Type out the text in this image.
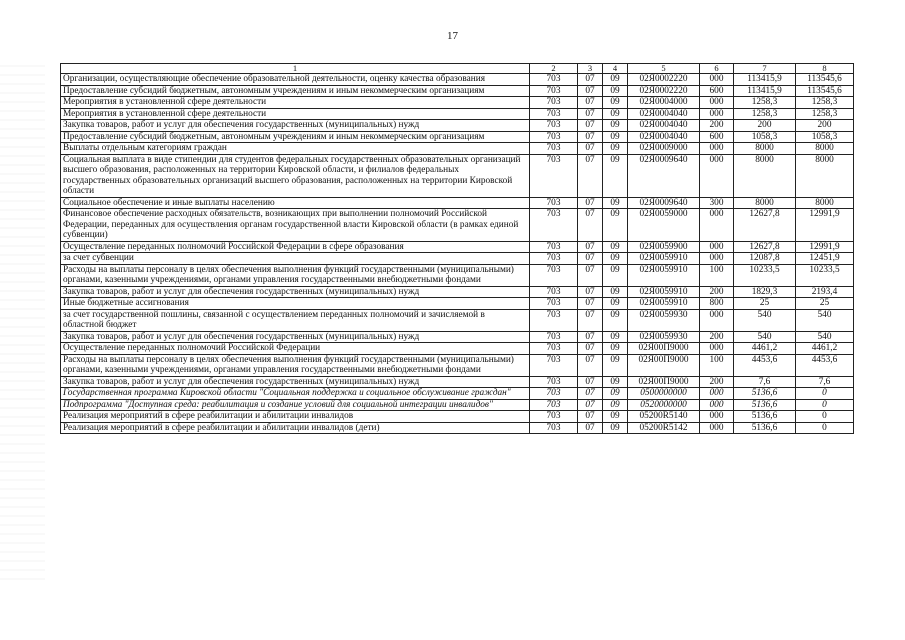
17
1	2	3	4	5	6	7	8
Организации, осуществляющие обеспечение образовательной деятельности, оценку качества образования	703	07	09	02Я0002220	000	113415,9	113545,6
Предоставление субсидий бюджетным, автономным учреждениям и иным некоммерческим организациям	703	07	09	02Я0002220	600	113415,9	113545,6
Мероприятия в установленной сфере деятельности	703	07	09	02Я0004000	000	1258,3	1258,3
Мероприятия в установленной сфере деятельности	703	07	09	02Я0004040	000	1258,3	1258,3
Закупка товаров, работ и услуг для обеспечения государственных (муниципальных) нужд	703	07	09	02Я0004040	200	200	200
Предоставление субсидий бюджетным, автономным учреждениям и иным некоммерческим организациям	703	07	09	02Я0004040	600	1058,3	1058,3
Выплаты отдельным категориям граждан	703	07	09	02Я0009000	000	8000	8000
Социальная выплата в виде стипендии для студентов федеральных государственных образовательных организаций высшего образования, расположенных на территории Кировской области, и филиалов федеральных государственных образовательных организаций высшего образования, расположенных на территории Кировской области	703	07	09	02Я0009640	000	8000	8000
Социальное обеспечение и иные выплаты населению	703	07	09	02Я0009640	300	8000	8000
Финансовое обеспечение расходных обязательств, возникающих при выполнении полномочий Российской Федерации, переданных для осуществления органам государственной власти Кировской области (в рамках единой субвенции)	703	07	09	02Я0059000	000	12627,8	12991,9
Осуществление переданных полномочий Российской Федерации в сфере образования	703	07	09	02Я0059900	000	12627,8	12991,9
за счет субвенции	703	07	09	02Я0059910	000	12087,8	12451,9
Расходы на выплаты персоналу в целях обеспечения выполнения функций государственными (муниципальными) органами, казенными учреждениями, органами управления государственными внебюджетными фондами	703	07	09	02Я0059910	100	10233,5	10233,5
Закупка товаров, работ и услуг для обеспечения государственных (муниципальных) нужд	703	07	09	02Я0059910	200	1829,3	2193,4
Иные бюджетные ассигнования	703	07	09	02Я0059910	800	25	25
за счет государственной пошлины, связанной с осуществлением переданных полномочий и зачисляемой в областной бюджет	703	07	09	02Я0059930	000	540	540
Закупка товаров, работ и услуг для обеспечения государственных (муниципальных) нужд	703	07	09	02Я0059930	200	540	540
Осуществление переданных полномочий Российской Федерации	703	07	09	02Я00П9000	000	4461,2	4461,2
Расходы на выплаты персоналу в целях обеспечения выполнения функций государственными (муниципальными) органами, казенными учреждениями, органами управления государственными внебюджетными фондами	703	07	09	02Я00П9000	100	4453,6	4453,6
Закупка товаров, работ и услуг для обеспечения государственных (муниципальных) нужд	703	07	09	02Я00П9000	200	7,6	7,6
Государственная программа Кировской области "Социальная поддержка и социальное обслуживание граждан"	703	07	09	0500000000	000	5136,6	0
Подпрограмма "Доступная среда: реабилитация и создание условий для социальной интеграции инвалидов"	703	07	09	0520000000	000	5136,6	0
Реализация мероприятий в сфере реабилитации и абилитации инвалидов	703	07	09	05200R5140	000	5136,6	0
Реализация мероприятий в сфере реабилитации и абилитации инвалидов (дети)	703	07	09	05200R5142	000	5136,6	0
